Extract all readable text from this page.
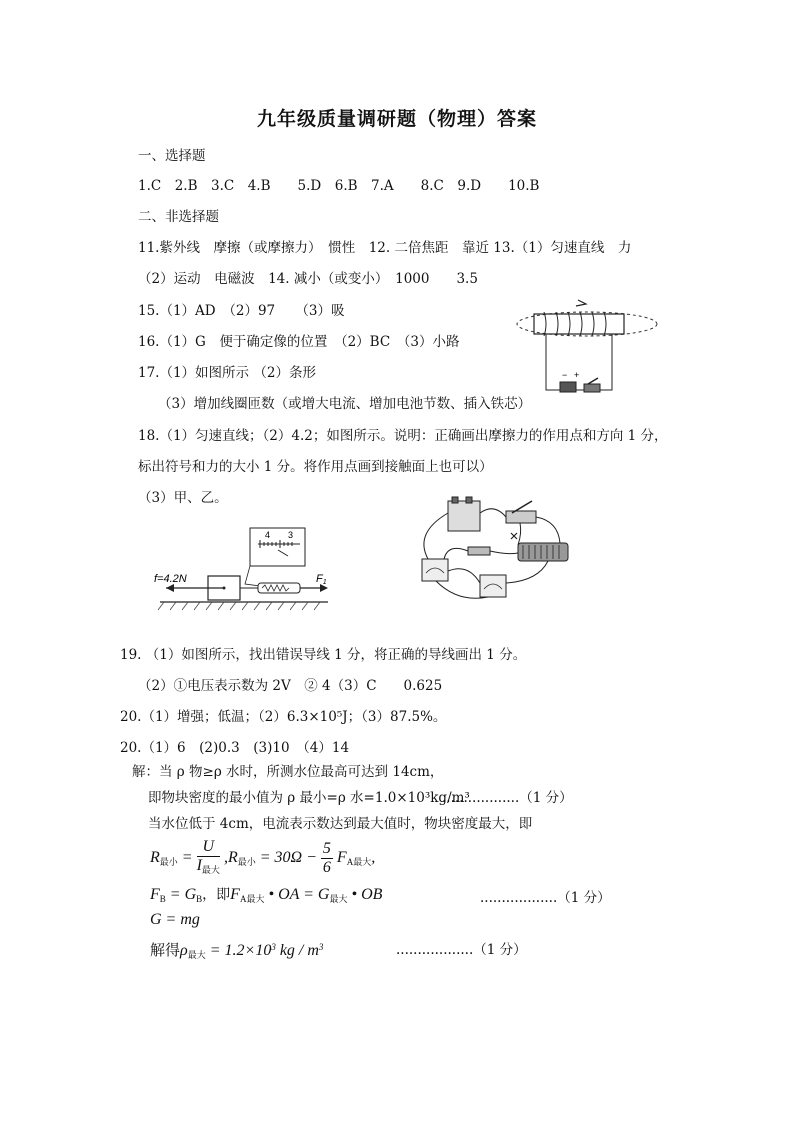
九年级质量调研题（物理）答案
一、选择题
1.C　2.B　3.C　4.B　　5.D　6.B　7.A　　8.C　9.D　　10.B
二、非选择题
11.紫外线　摩擦（或摩擦力）　惯性　12. 二倍焦距　靠近 13.（1）匀速直线　力
（2）运动　电磁波　14. 减小（或变小）　1000　　3.5
15.（1）AD　（2）97　　（3）吸
16.（1）G　便于确定像的位置　（2）BC　（3）小路
17.（1）如图所示 （2）条形
（3）增加线圈匝数（或增大电流、增加电池节数、插入铁芯）
18.（1）匀速直线；（2）4.2；如图所示。说明：正确画出摩擦力的作用点和方向 1 分，
标出符号和力的大小 1 分。将作用点画到接触面上也可以）
（3）甲、乙。
− +
4 3
f=4.2N	F1
19. （1）如图所示，找出错误导线 1 分，将正确的导线画出 1 分。
（2）①电压表示数为 2V　② 4（3）C　　0.625
20.（1）增强；低温；（2）6.3×10⁵J；（3）87.5%。
20.（1）6　(2)0.3　(3)10　（4）14
解：当 ρ 物≥ρ 水时，所测水位最高可达到 14cm，
即物块密度的最小值为 ρ 最小=ρ 水=1.0×10³kg/m³
..................（1 分）
当水位低于 4cm，电流表示数达到最大值时，物块密度最大，即
$R_{最小} = \frac{U}{I_{最大}} ,R_{最小} = 30\Omega - \frac{5}{6} F_{A最大}$,
$F_B = G_B$，即$F_{A最大}$ • OA = $G_{最大}$ • OB	..................（1 分）
G = mg
解得$\rho_{最大} = 1.2\times 10^3$ kg / $m^3$	..................（1 分）
